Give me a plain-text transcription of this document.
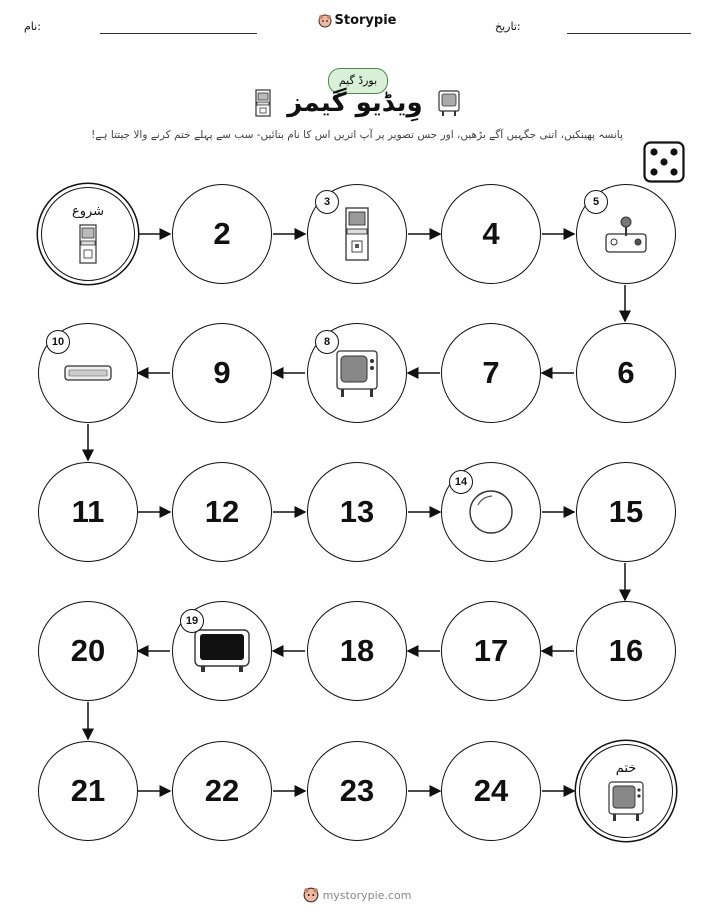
نام:	Storypie	تاریخ:
بورڈ گیم
وِیڈیو گیمز
پانسہ پھینکیں، اتنی جگہیں آگے بڑھیں، اور جس تصویر پر آپ اتریں اس کا نام بتائیں- سب سے پہلے ختم کرنے والا جیتتا ہے!
شروع
2
3
4
5
6
7
8
9
10
11	12	13
14
15
16
17
18
19
20
21	22	23	24
ختم
mystorypie.com
